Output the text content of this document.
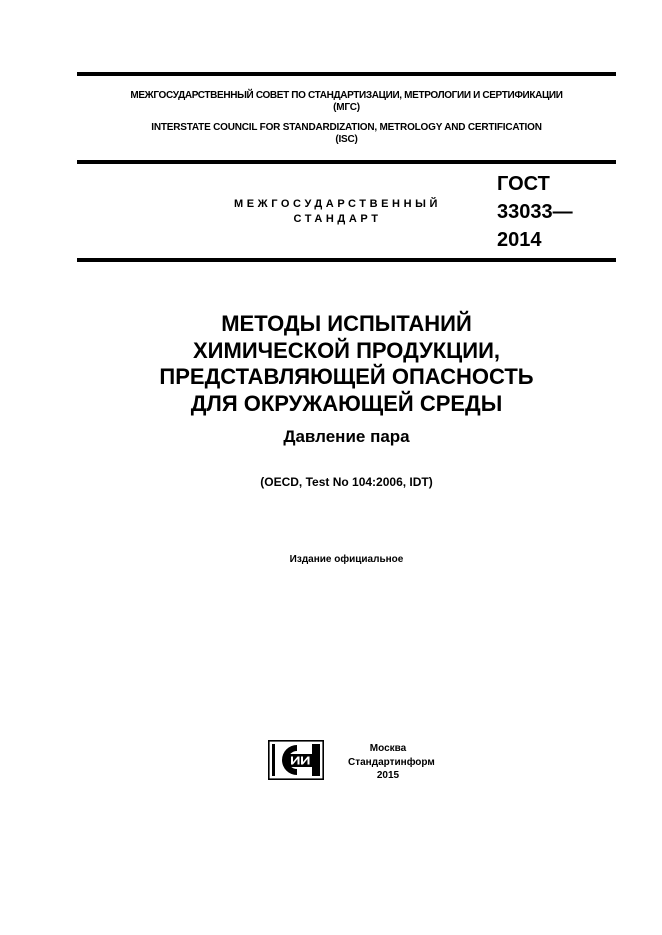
МЕЖГОСУДАРСТВЕННЫЙ СОВЕТ ПО СТАНДАРТИЗАЦИИ, МЕТРОЛОГИИ И СЕРТИФИКАЦИИ
(МГС)
INTERSTATE COUNCIL FOR STANDARDIZATION, METROLOGY AND CERTIFICATION
(ISC)
МЕЖГОСУДАРСТВЕННЫЙ
СТАНДАРТ
ГОСТ
33033—
2014
МЕТОДЫ ИСПЫТАНИЙ
ХИМИЧЕСКОЙ ПРОДУКЦИИ,
ПРЕДСТАВЛЯЮЩЕЙ ОПАСНОСТЬ
ДЛЯ ОКРУЖАЮЩЕЙ СРЕДЫ
Давление пара
(OECD, Test No 104:2006, IDT)
Издание официальное
Москва
Стандартинформ
2015
